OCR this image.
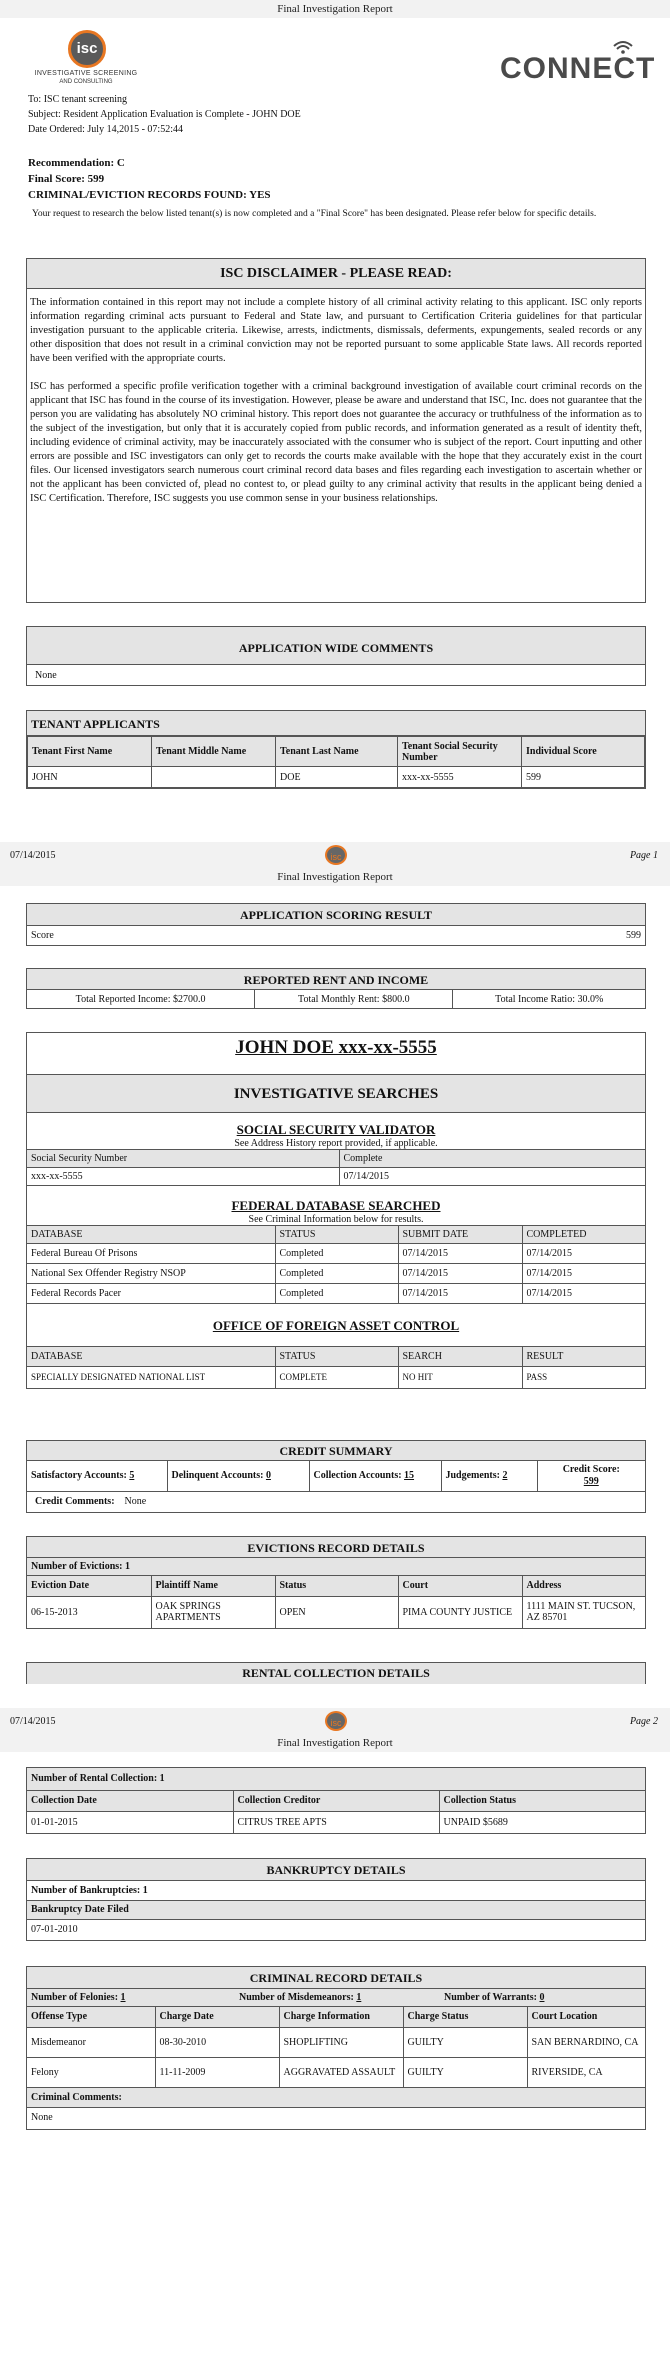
Final Investigation Report
isc
INVESTIGATIVE SCREENING
AND CONSULTING	CONNECT
To: ISC tenant screening
Subject: Resident Application Evaluation is Complete - JOHN DOE
Date Ordered: July 14,2015 - 07:52:44
Recommendation: C
Final Score: 599
CRIMINAL/EVICTION RECORDS FOUND: YES
Your request to research the below listed tenant(s) is now completed and a "Final Score" has been designated. Please refer below for specific details.
ISC DISCLAIMER - PLEASE READ:

The information contained in this report may not include a complete history of all criminal activity relating to this applicant. ISC only reports information regarding criminal acts pursuant to Federal and State law, and pursuant to Certification Criteria guidelines for that particular investigation pursuant to the applicable criteria. Likewise, arrests, indictments, dismissals, deferments, expungements, sealed records or any other disposition that does not result in a criminal conviction may not be reported pursuant to some applicable State laws. All records reported have been verified with the appropriate courts.

ISC has performed a specific profile verification together with a criminal background investigation of available court criminal records on the applicant that ISC has found in the course of its investigation. However, please be aware and understand that ISC, Inc. does not guarantee that the person you are validating has absolutely NO criminal history. This report does not guarantee the accuracy or truthfulness of the information as to the subject of the investigation, but only that it is accurately copied from public records, and information generated as a result of identity theft, including evidence of criminal activity, may be inaccurately associated with the consumer who is subject of the report. Court inputting and other errors are possible and ISC investigators can only get to records the courts make available with the hope that they accurately exist in the court files. Our licensed investigators search numerous court criminal record data bases and files regarding each investigation to ascertain whether or not the applicant has been convicted of, plead no contest to, or plead guilty to any criminal activity that results in the applicant being denied a ISC Certification. Therefore, ISC suggests you use common sense in your business relationships.

APPLICATION WIDE COMMENTS
None
TENANT APPLICANTS
Tenant First Name	Tenant Middle Name	Tenant Last Name	Tenant Social Security Number	Individual Score
JOHN		DOE	xxx-xx-5555	599
07/14/2015	isc	Page 1
Final Investigation Report
APPLICATION SCORING RESULT
Score	599
REPORTED RENT AND INCOME
Total Reported Income: $2700.0	Total Monthly Rent: $800.0	Total Income Ratio: 30.0%
JOHN DOE xxx-xx-5555
INVESTIGATIVE SEARCHES
SOCIAL SECURITY VALIDATOR
See Address History report provided, if applicable.
Social Security Number	Complete
xxx-xx-5555	07/14/2015
FEDERAL DATABASE SEARCHED
See Criminal Information below for results.
DATABASE	STATUS	SUBMIT DATE	COMPLETED
Federal Bureau Of Prisons	Completed	07/14/2015	07/14/2015
National Sex Offender Registry NSOP	Completed	07/14/2015	07/14/2015
Federal Records Pacer	Completed	07/14/2015	07/14/2015
OFFICE OF FOREIGN ASSET CONTROL
DATABASE	STATUS	SEARCH	RESULT
SPECIALLY DESIGNATED NATIONAL LIST	COMPLETE	NO HIT	PASS
CREDIT SUMMARY
Satisfactory Accounts: 5	Delinquent Accounts: 0	Collection Accounts: 15	Judgements: 2	Credit Score:
599
Credit Comments: None
EVICTIONS RECORD DETAILS
Number of Evictions: 1
Eviction Date	Plaintiff Name	Status	Court	Address
06-15-2013	OAK SPRINGS APARTMENTS	OPEN	PIMA COUNTY JUSTICE	1111 MAIN ST. TUCSON, AZ 85701
RENTAL COLLECTION DETAILS
07/14/2015	isc	Page 2
Final Investigation Report
Number of Rental Collection: 1
Collection Date	Collection Creditor	Collection Status
01-01-2015	CITRUS TREE APTS	UNPAID $5689
BANKRUPTCY DETAILS
Number of Bankruptcies: 1
Bankruptcy Date Filed
07-01-2010
CRIMINAL RECORD DETAILS
Number of Felonies: 1	Number of Misdemeanors: 1	Number of Warrants: 0
Offense Type	Charge Date	Charge Information	Charge Status	Court Location
Misdemeanor	08-30-2010	SHOPLIFTING	GUILTY	SAN BERNARDINO, CA
Felony	11-11-2009	AGGRAVATED ASSAULT	GUILTY	RIVERSIDE, CA
Criminal Comments:
None
